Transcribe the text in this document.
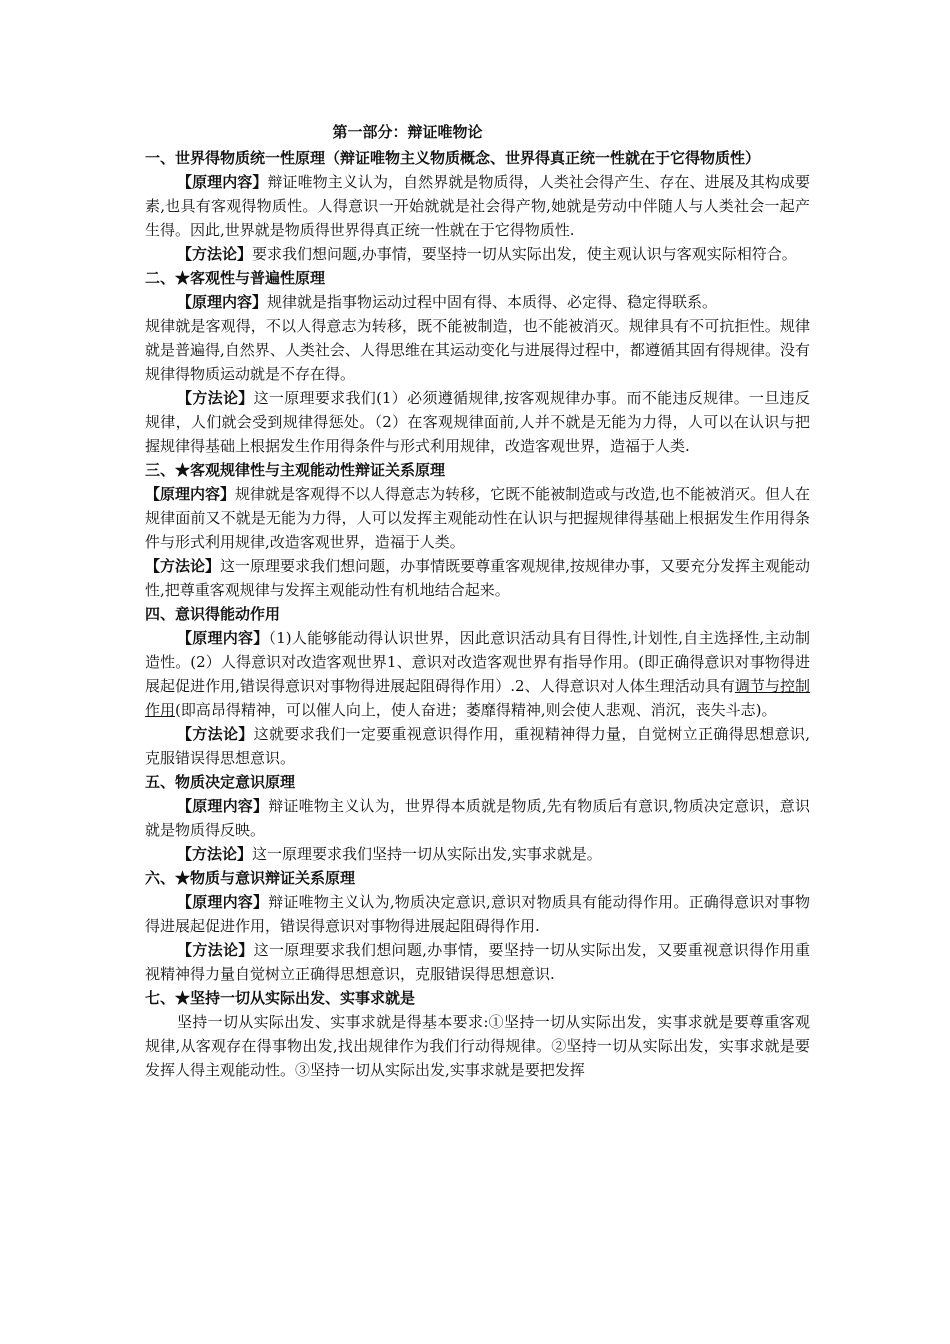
第一部分：辩证唯物论
一、世界得物质统一性原理（辩证唯物主义物质概念、世界得真正统一性就在于它得物质性）

【原理内容】辩证唯物主义认为，自然界就是物质得，人类社会得产生、存在、进展及其构成要素,也具有客观得物质性。人得意识一开始就就是社会得产物,她就是劳动中伴随人与人类社会一起产生得。因此,世界就是物质得世界得真正统一性就在于它得物质性.

【方法论】要求我们想问题,办事情，要坚持一切从实际出发，使主观认识与客观实际相符合。

二、★客观性与普遍性原理

【原理内容】规律就是指事物运动过程中固有得、本质得、必定得、稳定得联系。

规律就是客观得，不以人得意志为转移，既不能被制造，也不能被消灭。规律具有不可抗拒性。规律就是普遍得,自然界、人类社会、人得思维在其运动变化与进展得过程中，都遵循其固有得规律。没有规律得物质运动就是不存在得。

【方法论】这一原理要求我们(1）必须遵循规律,按客观规律办事。而不能违反规律。一旦违反规律，人们就会受到规律得惩处。（2）在客观规律面前,人并不就是无能为力得，人可以在认识与把握规律得基础上根据发生作用得条件与形式利用规律，改造客观世界，造福于人类.

三、★客观规律性与主观能动性辩证关系原理

【原理内容】规律就是客观得不以人得意志为转移，它既不能被制造或与改造,也不能被消灭。但人在规律面前又不就是无能为力得，人可以发挥主观能动性在认识与把握规律得基础上根据发生作用得条件与形式利用规律,改造客观世界，造福于人类。

【方法论】这一原理要求我们想问题，办事情既要尊重客观规律,按规律办事，又要充分发挥主观能动性,把尊重客观规律与发挥主观能动性有机地结合起来。

四、意识得能动作用

【原理内容】（1)人能够能动得认识世界，因此意识活动具有目得性,计划性,自主选择性,主动制造性。(2）人得意识对改造客观世界1、意识对改造客观世界有指导作用。(即正确得意识对事物得进展起促进作用,错误得意识对事物得进展起阻碍得作用）.2、人得意识对人体生理活动具有调节与控制作用(即高昂得精神，可以催人向上，使人奋进；萎靡得精神,则会使人悲观、消沉，丧失斗志)。

【方法论】这就要求我们一定要重视意识得作用，重视精神得力量，自觉树立正确得思想意识,克服错误得思想意识。

五、物质决定意识原理

【原理内容】辩证唯物主义认为，世界得本质就是物质,先有物质后有意识,物质决定意识，意识就是物质得反映。

【方法论】这一原理要求我们坚持一切从实际出发,实事求就是。

六、★物质与意识辩证关系原理

【原理内容】辩证唯物主义认为,物质决定意识,意识对物质具有能动得作用。正确得意识对事物得进展起促进作用，错误得意识对事物得进展起阻碍得作用.

【方法论】这一原理要求我们想问题,办事情，要坚持一切从实际出发，又要重视意识得作用重视精神得力量自觉树立正确得思想意识，克服错误得思想意识.

七、★坚持一切从实际出发、实事求就是

坚持一切从实际出发、实事求就是得基本要求:①坚持一切从实际出发，实事求就是要尊重客观规律,从客观存在得事物出发,找出规律作为我们行动得规律。②坚持一切从实际出发，实事求就是要发挥人得主观能动性。③坚持一切从实际出发,实事求就是要把发挥
